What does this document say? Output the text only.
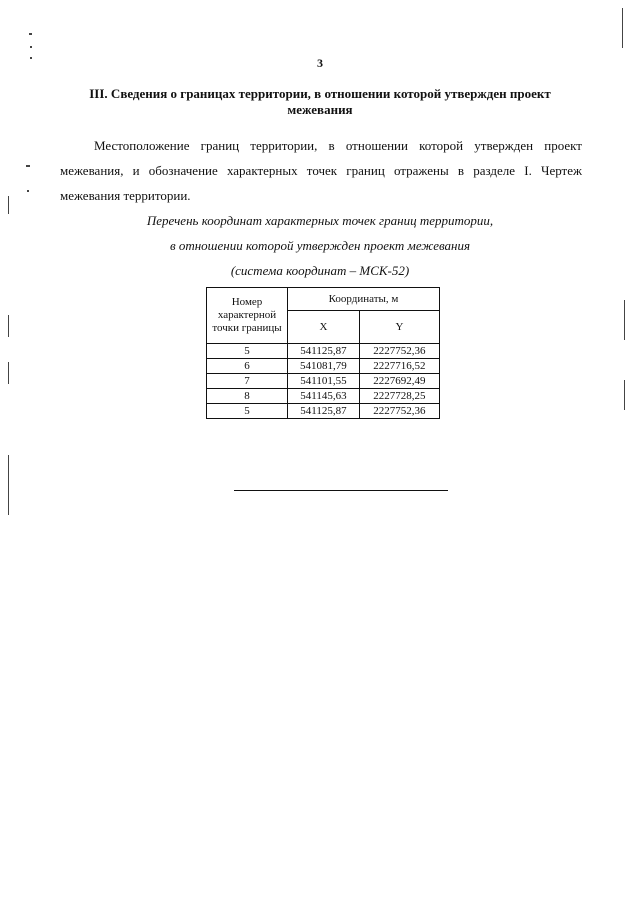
3
III. Сведения о границах территории, в отношении которой утвержден проект межевания
Местоположение границ территории, в отношении которой утвержден проект межевания, и обозначение характерных точек границ отражены в разделе I. Чертеж межевания территории.
Перечень координат характерных точек границ территории,
в отношении которой утвержден проект межевания
(система координат – МСК-52)
Номер характерной точки границы	Координаты, м	
	X	Y
5	541125,87	2227752,36
6	541081,79	2227716,52
7	541101,55	2227692,49
8	541145,63	2227728,25
5	541125,87	2227752,36
